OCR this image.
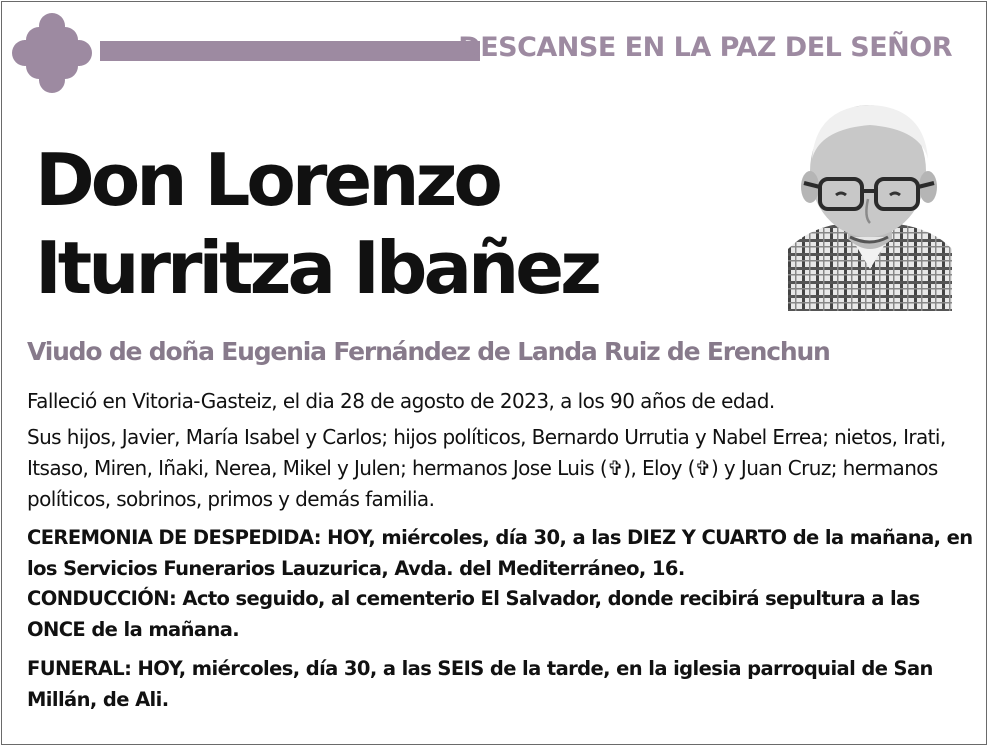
DESCANSE EN LA PAZ DEL SEÑOR
Don Lorenzo
Iturritza Ibañez
Viudo de doña Eugenia Fernández de Landa Ruiz de Erenchun

Falleció en Vitoria-Gasteiz, el dia 28 de agosto de 2023, a los 90 años de edad.

Sus hijos, Javier, María Isabel y Carlos; hijos políticos, Bernardo Urrutia y Nabel Errea; nietos, Irati, Itsaso, Miren, Iñaki, Nerea, Mikel y Julen; hermanos Jose Luis (✞), Eloy (✞) y Juan Cruz; hermanos políticos, sobrinos, primos y demás familia.

CEREMONIA DE DESPEDIDA: HOY, miércoles, día 30, a las DIEZ Y CUARTO de la mañana, en los Servicios Funerarios Lauzurica, Avda. del Mediterráneo, 16.

CONDUCCIÓN: Acto seguido, al cementerio El Salvador, donde recibirá sepultura a las ONCE de la mañana.

FUNERAL: HOY, miércoles, día 30, a las SEIS de la tarde, en la iglesia parroquial de San Millán, de Ali.
